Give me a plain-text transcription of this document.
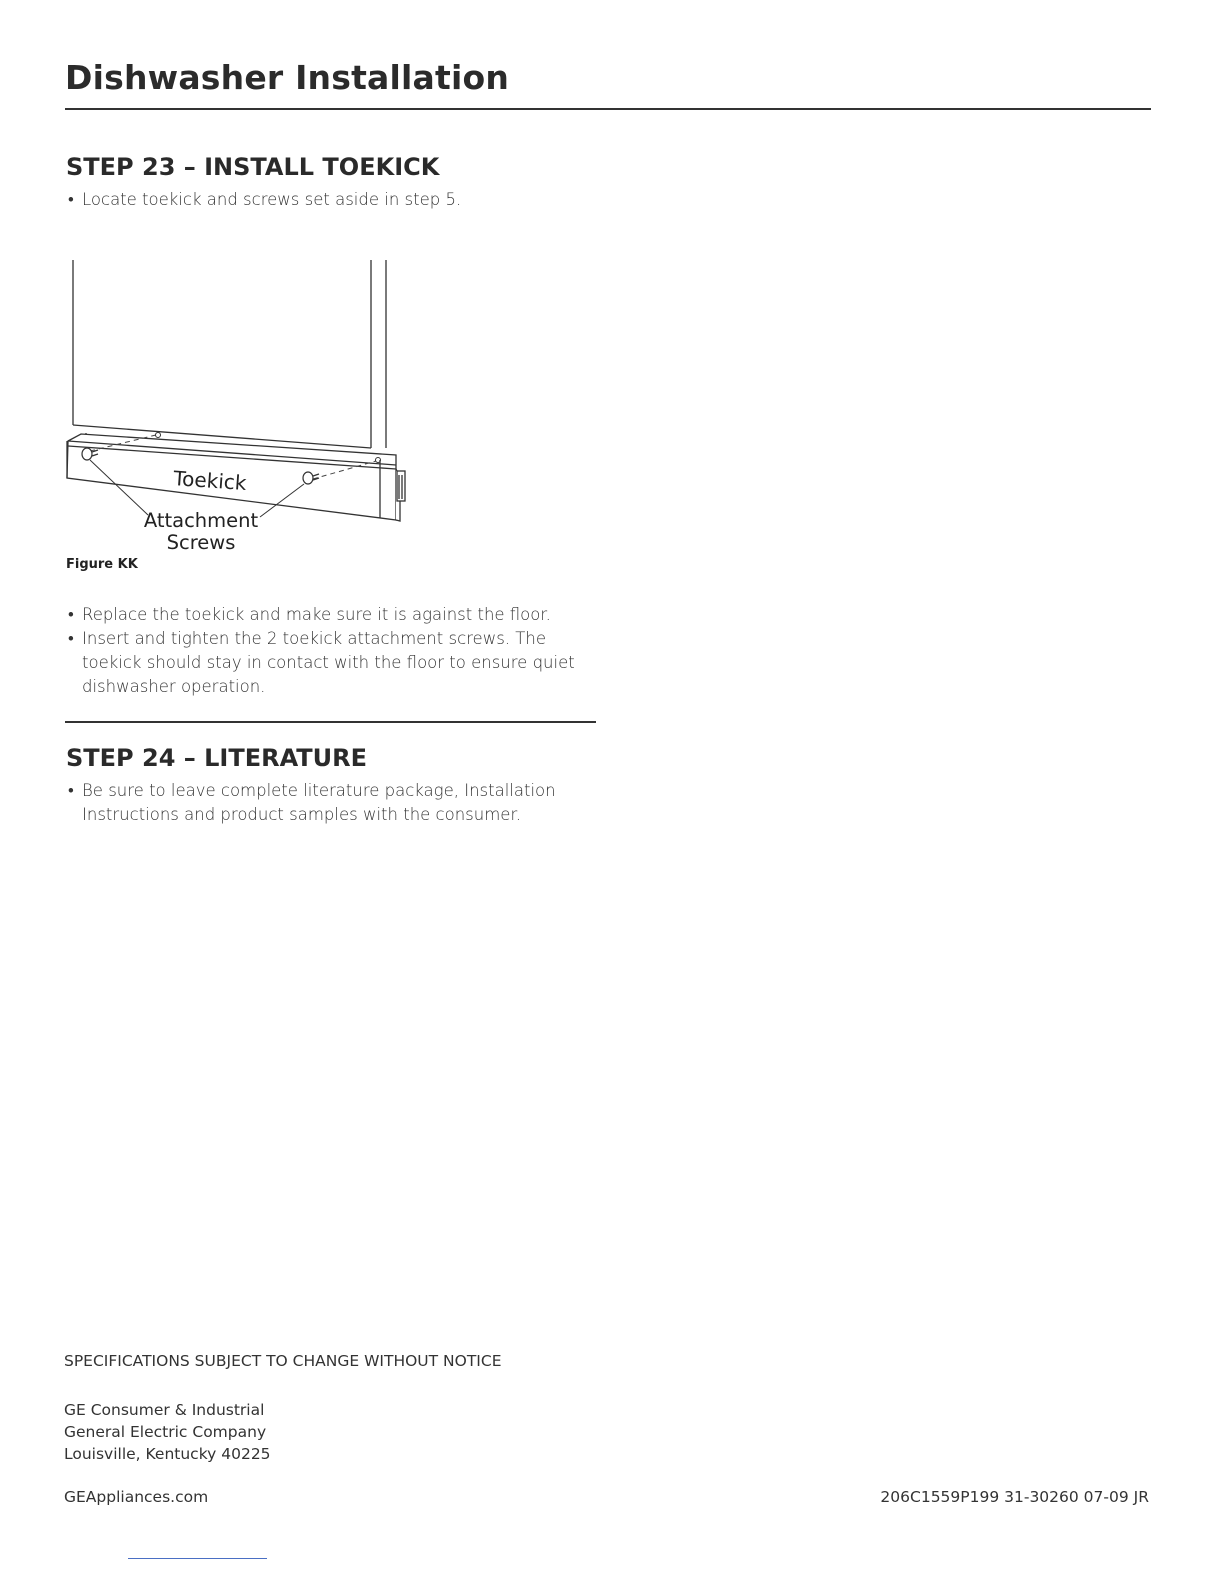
Dishwasher Installation
STEP 23 – INSTALL TOEKICK
• Locate toekick and screws set aside in step 5.
Toekick
Attachment
Screws
Figure KK
• Replace the toekick and make sure it is against the floor.
• Insert and tighten the 2 toekick attachment screws. The toekick should stay in contact with the floor to ensure quiet dishwasher operation.
STEP 24 – LITERATURE
• Be sure to leave complete literature package, Installation Instructions and product samples with the consumer.
SPECIFICATIONS SUBJECT TO CHANGE WITHOUT NOTICE
GE Consumer & Industrial
General Electric Company
Louisville, Kentucky 40225
GEAppliances.com	206C1559P199 31-30260 07-09 JR
